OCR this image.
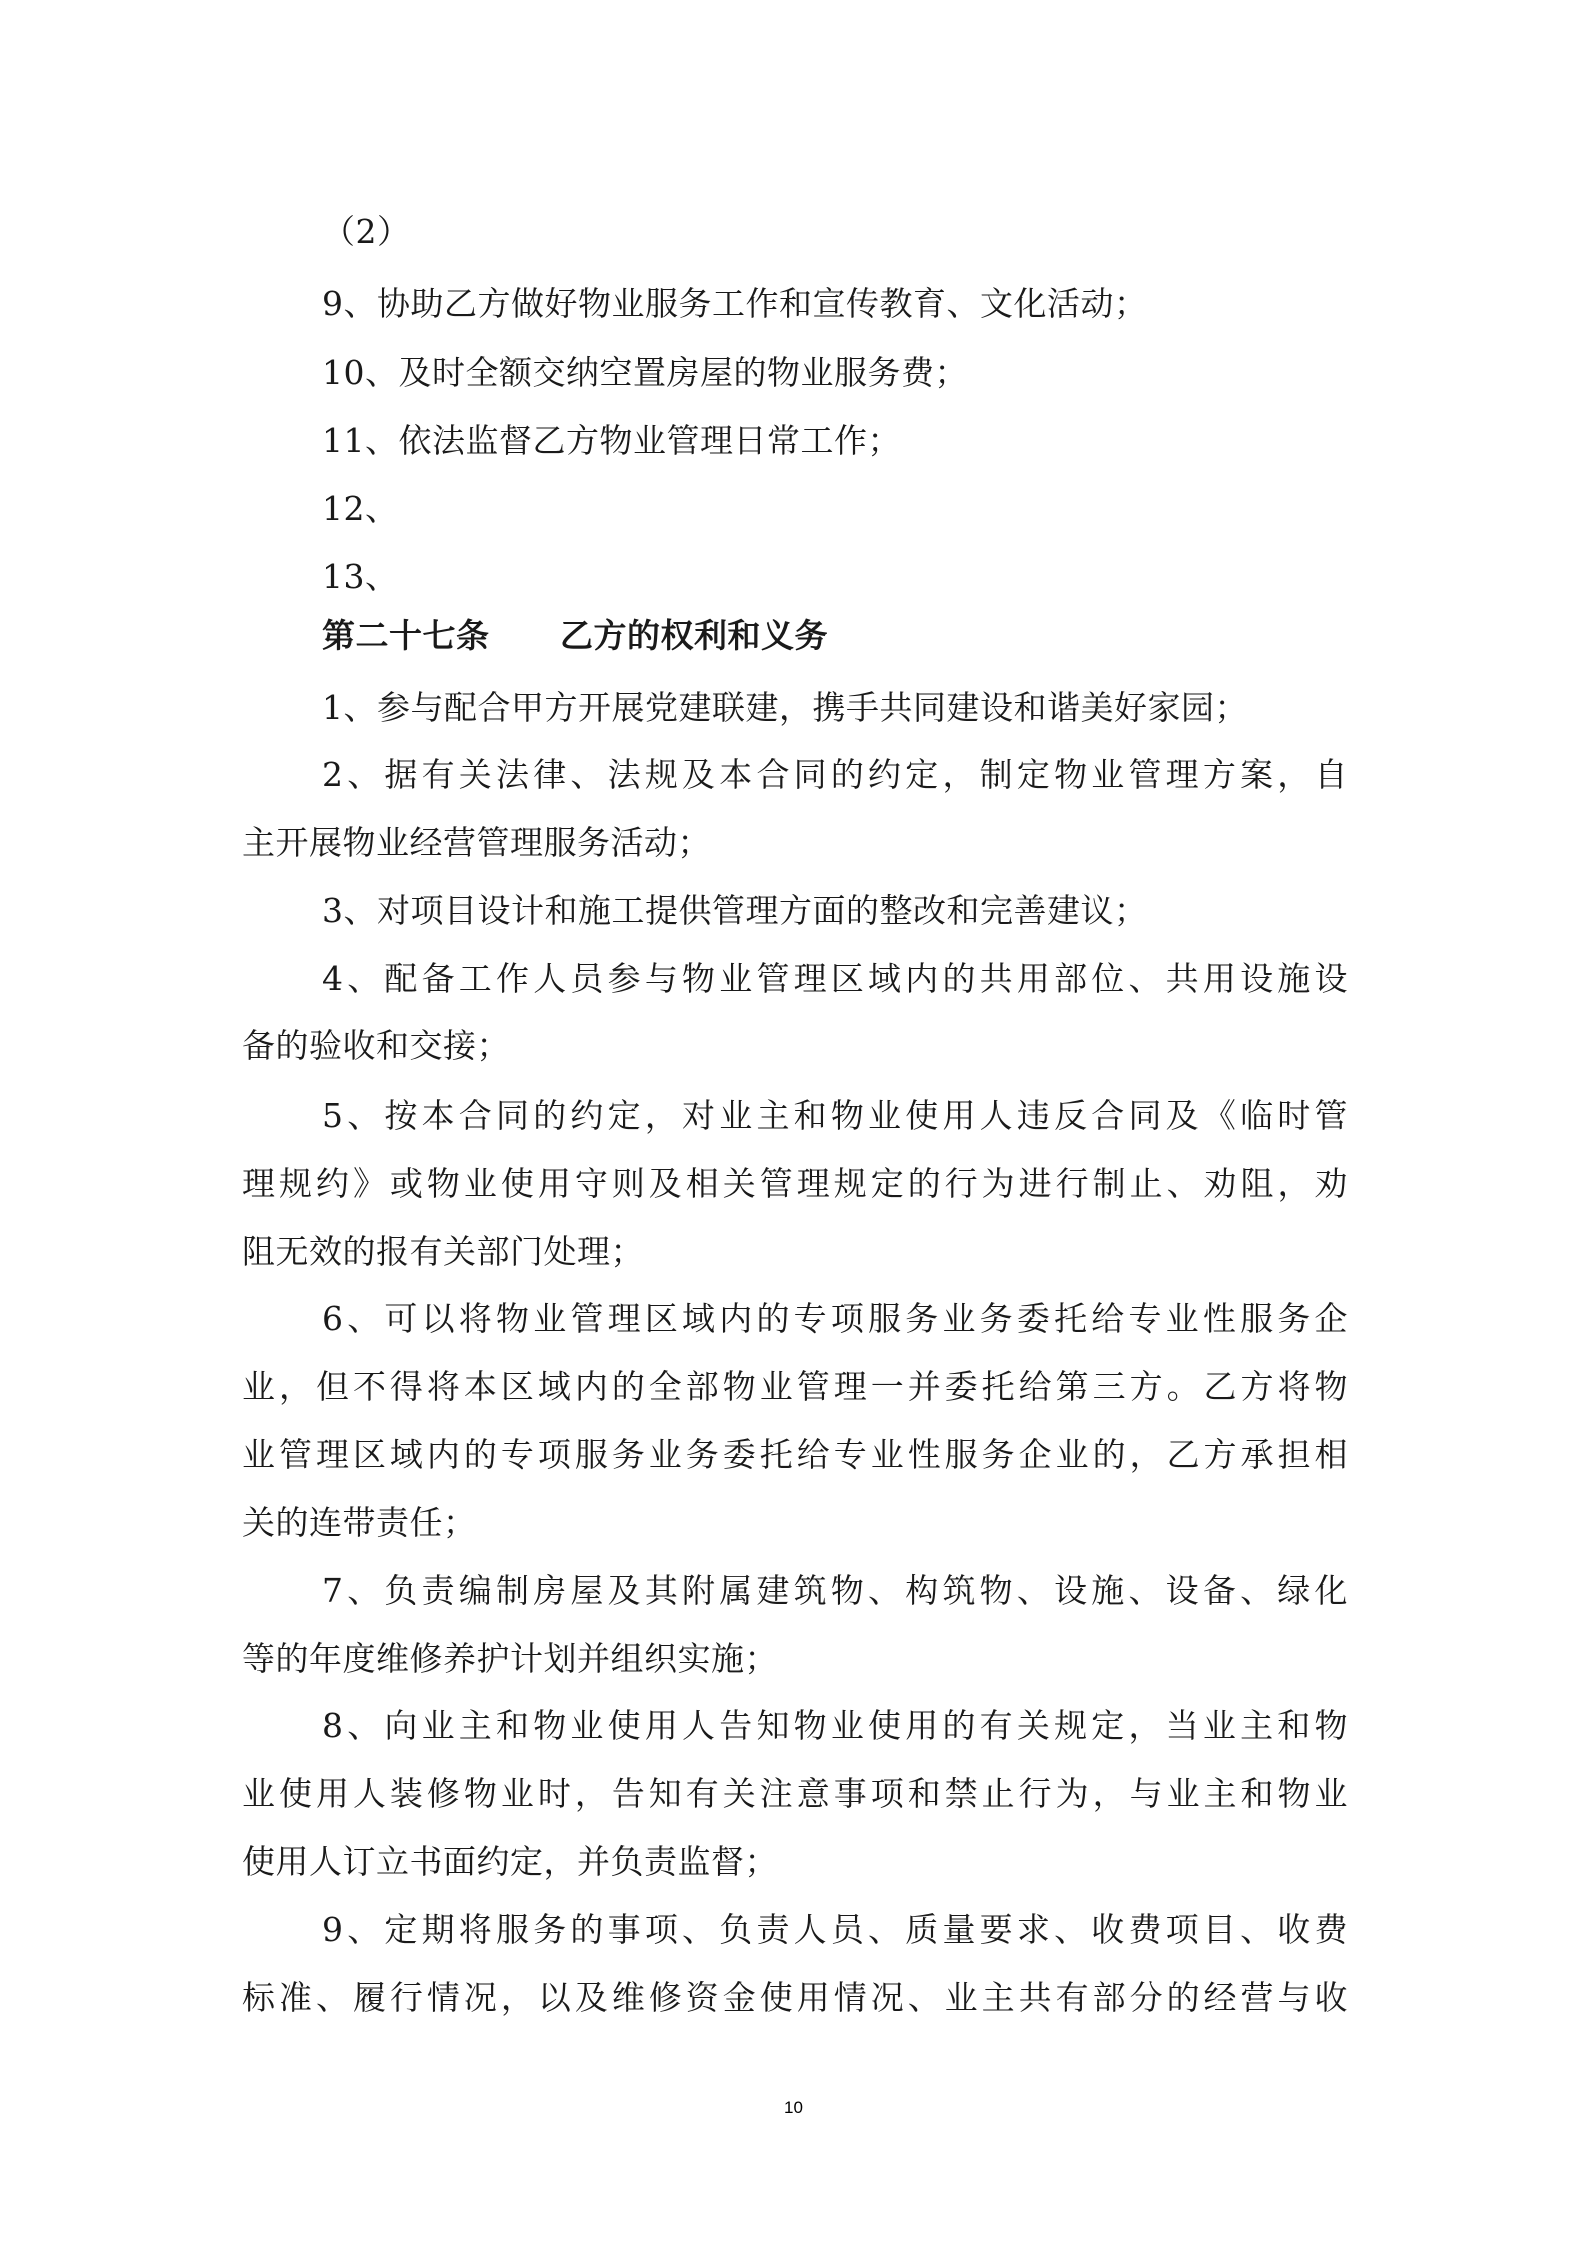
（2）
9、协助乙方做好物业服务工作和宣传教育、文化活动；
10、及时全额交纳空置房屋的物业服务费；
11、依法监督乙方物业管理日常工作；
12、
13、
第二十七条	乙方的权利和义务
1、参与配合甲方开展党建联建，携手共同建设和谐美好家园；
2、据有关法律、法规及本合同的约定，制定物业管理方案，自
主开展物业经营管理服务活动；
3、对项目设计和施工提供管理方面的整改和完善建议；
4、配备工作人员参与物业管理区域内的共用部位、共用设施设
备的验收和交接；
5、按本合同的约定，对业主和物业使用人违反合同及《临时管
理规约》或物业使用守则及相关管理规定的行为进行制止、劝阻，劝
阻无效的报有关部门处理；
6、可以将物业管理区域内的专项服务业务委托给专业性服务企
业，但不得将本区域内的全部物业管理一并委托给第三方。乙方将物
业管理区域内的专项服务业务委托给专业性服务企业的，乙方承担相
关的连带责任；
7、负责编制房屋及其附属建筑物、构筑物、设施、设备、绿化
等的年度维修养护计划并组织实施；
8、向业主和物业使用人告知物业使用的有关规定，当业主和物
业使用人装修物业时，告知有关注意事项和禁止行为，与业主和物业
使用人订立书面约定，并负责监督；
9、定期将服务的事项、负责人员、质量要求、收费项目、收费
标准、履行情况，以及维修资金使用情况、业主共有部分的经营与收
10
